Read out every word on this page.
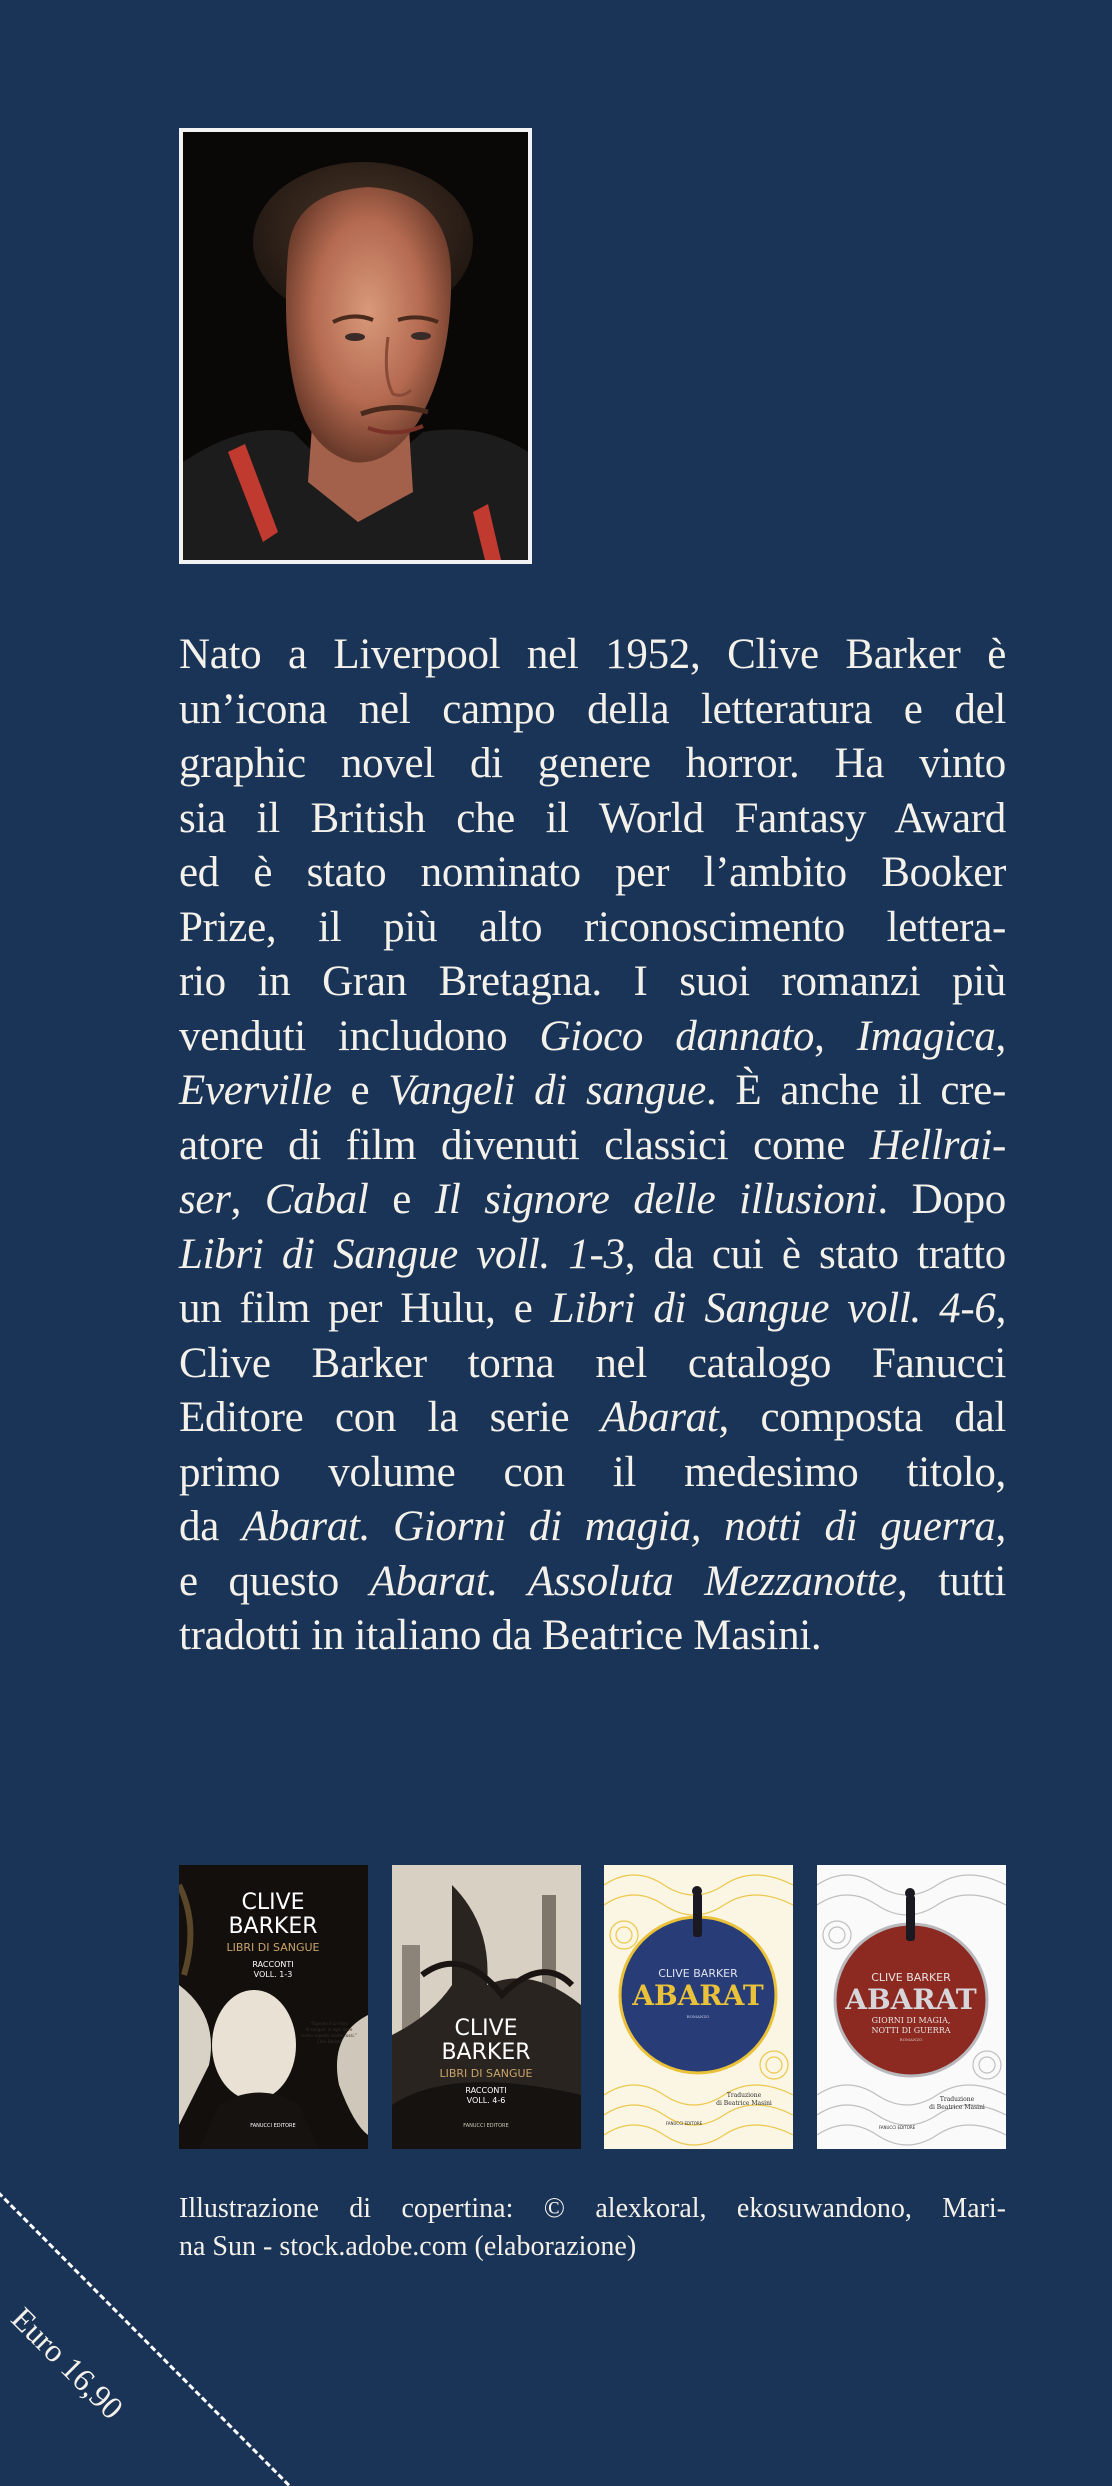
Nato a Liverpool nel 1952, Clive Barker è
un’icona nel campo della letteratura e del
graphic novel di genere horror. Ha vinto
sia il British che il World Fantasy Award
ed è stato nominato per l’ambito Booker
Prize, il più alto riconoscimento lettera-
rio in Gran Bretagna. I suoi romanzi più
venduti includono Gioco dannato, Imagica,
Everville e Vangeli di sangue. È anche il cre-
atore di film divenuti classici come Hellrai-
ser, Cabal e Il signore delle illusioni. Dopo
Libri di Sangue voll. 1-3, da cui è stato tratto
un film per Hulu, e Libri di Sangue voll. 4-6,
Clive Barker torna nel catalogo Fanucci
Editore con la serie Abarat, composta dal
primo volume con il medesimo titolo,
da Abarat. Giorni di magia, notti di guerra,
e questo Abarat. Assoluta Mezzanotte, tutti
tradotti in italiano da Beatrice Masini.
CLIVE
BARKER
LIBRI DI SANGUE
RACCONTI
VOLL. 1-3
“Ognuno è un libro
di sangue: in ogni dove
siamo esposti, siamo rossi.”
Clive Barker
FANUCCI EDITORE
CLIVE
BARKER
LIBRI DI SANGUE
RACCONTI
VOLL. 4-6
FANUCCI EDITORE
CLIVE BARKER
ABARAT
ROMANZO
Traduzione
di Beatrice Masini
FANUCCI EDITORE
CLIVE BARKER
ABARAT
GIORNI DI MAGIA,
NOTTI DI GUERRA
ROMANZO
Traduzione
di Beatrice Masini
FANUCCI EDITORE
Illustrazione di copertina: © alexkoral, ekosuwandono, Mari-
na Sun - stock.adobe.com (elaborazione)
Euro 16,90
